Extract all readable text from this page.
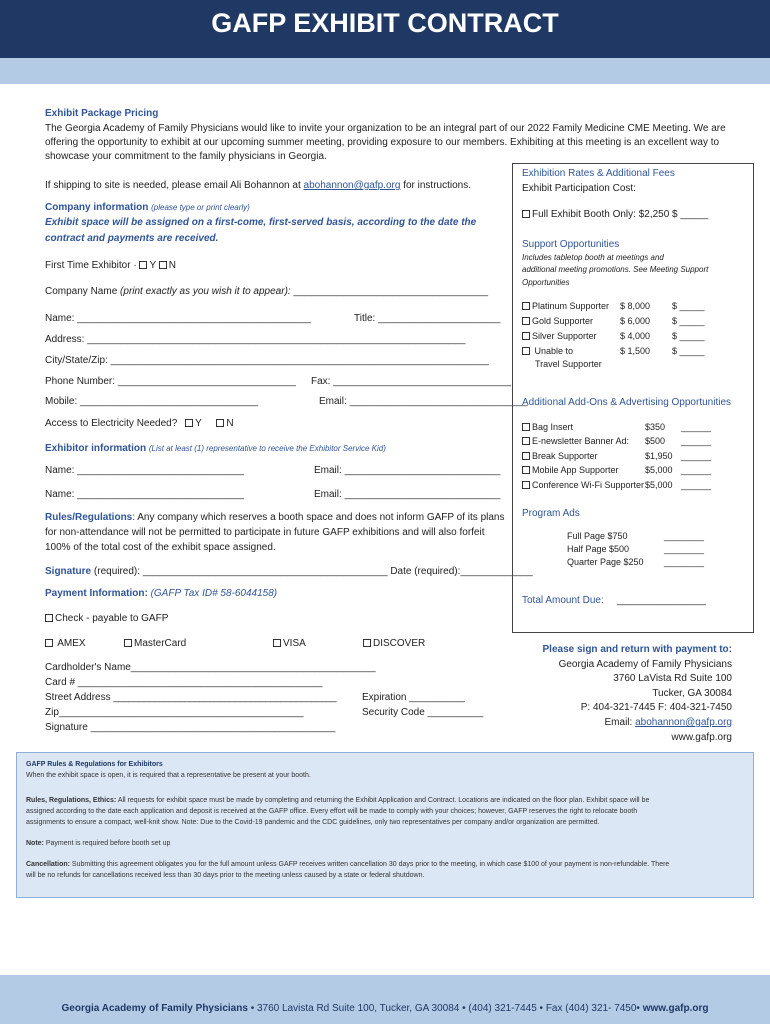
GAFP EXHIBIT CONTRACT
Exhibit Package Pricing
The Georgia Academy of Family Physicians would like to invite your organization to be an integral part of our 2022 Family Medicine CME Meeting. We are
offering the opportunity to exhibit at our upcoming summer meeting, providing exposure to our members. Exhibiting at this meeting is an excellent way to
showcase your commitment to the family physicians in Georgia.
If shipping to site is needed, please email Ali Bohannon at abohannon@gafp.org for instructions.
Company information (please type or print clearly)
Exhibit space will be assigned on a first-come, first-served basis, according to the date the
contract and payments are received.
First Time Exhibitor · Y N
Company Name (print exactly as you wish it to appear): ___________________________________
Name: __________________________________________	Title: ______________________
Address: ____________________________________________________________________
City/State/Zip: ____________________________________________________________________
Phone Number: ________________________________ Fax: ________________________________
Mobile: ________________________________	Email: ________________________________
Access to Electricity Needed? Y N
Exhibitor information (List at least (1) representative to receive the Exhibitor Service Kid)
Name: ______________________________	Email: ____________________________
Name: ______________________________	Email: ____________________________
Rules/Regulations: Any company which reserves a booth space and does not inform GAFP of its plans
for non-attendance will not be permitted to participate in future GAFP exhibitions and will also forfeit
100% of the total cost of the exhibit space assigned.
Signature (required): ____________________________________________ Date (required):_____________
Payment Information: (GAFP Tax ID# 58-6044158)
Check - payable to GAFP
AMEX	MasterCard	VISA	DISCOVER
Cardholder's Name____________________________________________
Card # ____________________________________________
Street Address ____________________________________________
Zip____________________________________________
Signature ____________________________________________
Expiration __________
Security Code __________
Exhibition Rates & Additional Fees
Exhibit Participation Cost:
Full Exhibit Booth Only: $2,250 $ _____
Support Opportunities
Includes tabletop booth at meetings and
additional meeting promotions. See Meeting Support
Opportunities
Platinum Supporter $ 8,000 $ _____
Gold Supporter	$ 6,000 $ _____
Silver Supporter	$ 4,000 $ _____
Unable to	$ 1,500 $ _____
Travel Supporter
Additional Add-Ons & Advertising Opportunities
Bag Insert	$350 ______
E-newsletter Banner Ad: $500 ______
Break Supporter	$1,950 ______
Mobile App Supporter	$5,000 ______
Conference Wi-Fi Supporter $5,000 ______
Program Ads
Full Page $750	________
Half Page $500	________
Quarter Page $250 ________
Total Amount Due: ________________
Please sign and return with payment to:
Georgia Academy of Family Physicians
3760 LaVista Rd Suite 100
Tucker, GA 30084
P: 404-321-7445 F: 404-321-7450
Email: abohannon@gafp.org
www.gafp.org

GAFP Rules & Regulations for Exhibitors

When the exhibit space is open, it is required that a representative be present at your booth.

Rules, Regulations, Ethics: All requests for exhibit space must be made by completing and returning the Exhibit Application and Contract. Locations are indicated on the floor plan. Exhibit space will be

assigned according to the date each application and deposit is received at the GAFP office. Every effort will be made to comply with your choices; however, GAFP reserves the right to relocate booth

assignments to ensure a compact, well-knit show. Note: Due to the Covid-19 pandemic and the CDC guidelines, only two representatives per company and/or organization are permitted.

Note: Payment is required before booth set up

Cancellation: Submitting this agreement obligates you for the full amount unless GAFP receives written cancellation 30 days prior to the meeting, in which case $100 of your payment is non-refundable. There

will be no refunds for cancellations received less than 30 days prior to the meeting unless caused by a state or federal shutdown.

Georgia Academy of Family Physicians • 3760 Lavista Rd Suite 100, Tucker, GA 30084 • (404) 321-7445 • Fax (404) 321- 7450• www.gafp.org
